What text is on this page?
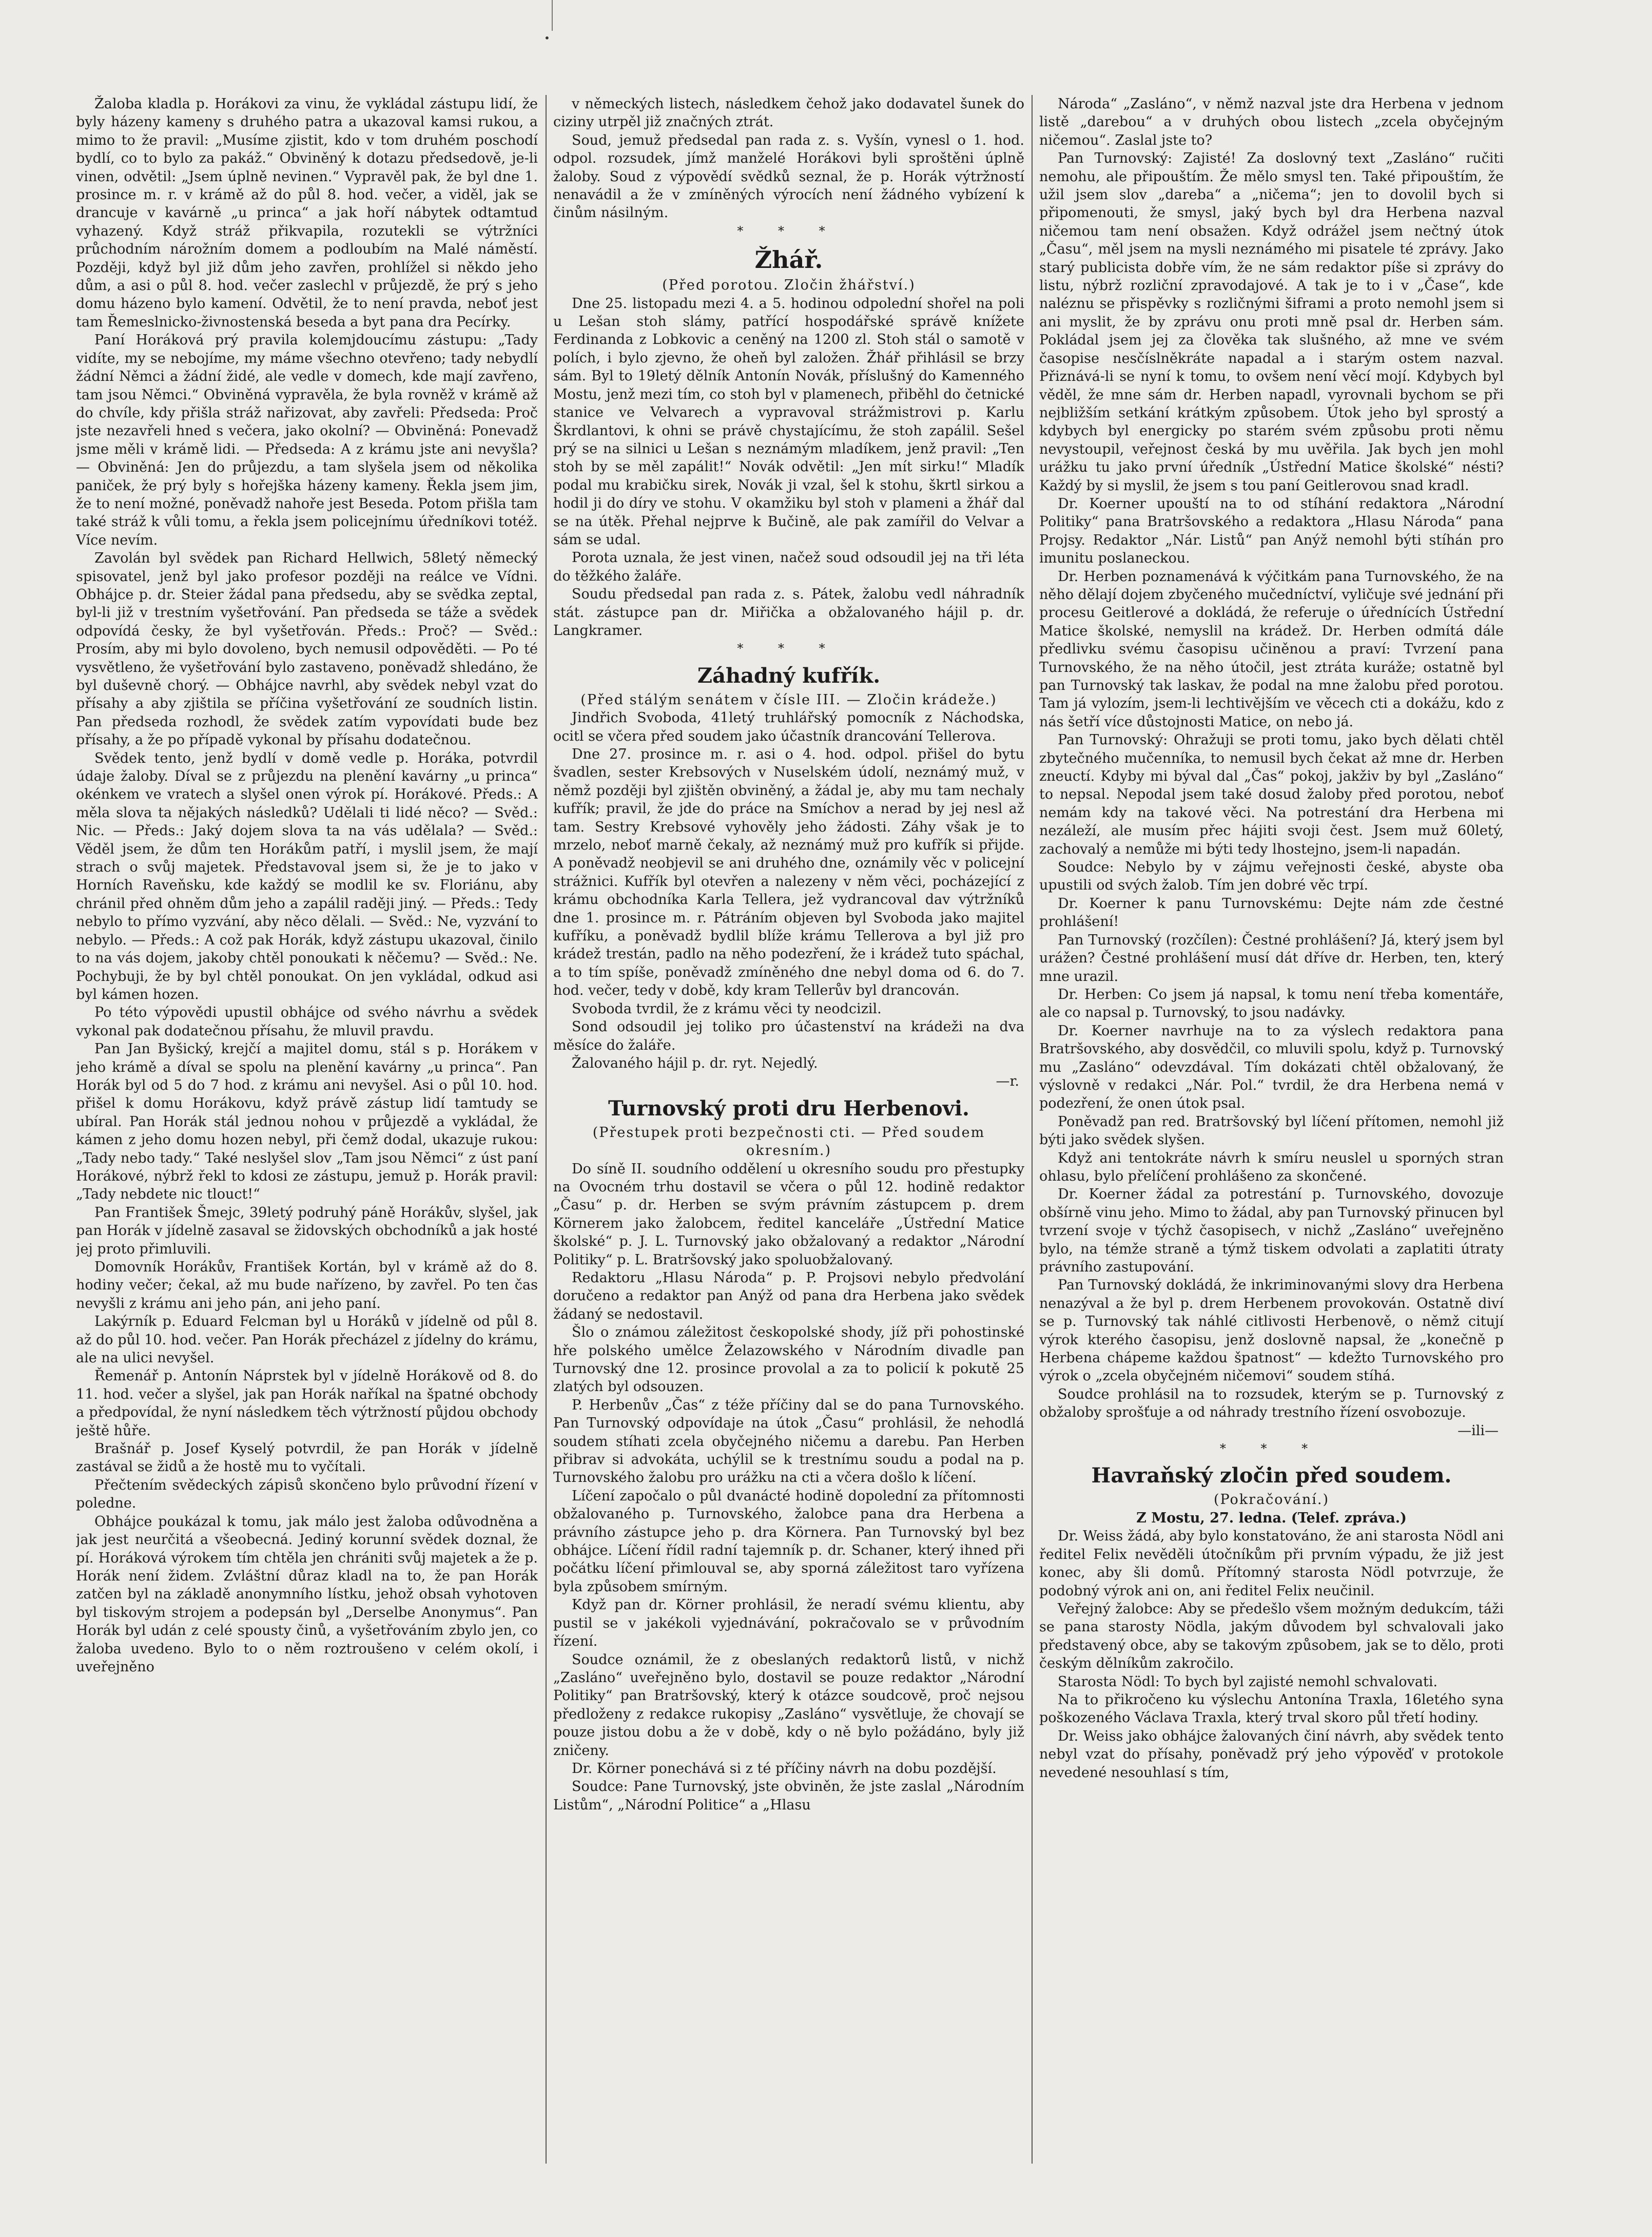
•

Žaloba kladla p. Horákovi za vinu, že vykládal zástupu lidí, že byly házeny kameny s druhého patra a ukazoval kamsi rukou, a mimo to že pravil: „Musíme zjistit, kdo v tom druhém poschodí bydlí, co to bylo za pakáž.“ Obviněný k dotazu předsedově, je-li vinen, odvětil: „Jsem úplně nevinen.“ Vypravěl pak, že byl dne 1. prosince m. r. v krámě až do půl 8. hod. večer, a viděl, jak se drancuje v kavárně „u princa“ a jak hoří nábytek odtamtud vyhazený. Když stráž přikvapila, rozutekli se výtržníci průchodním nárožním domem a podloubím na Malé náměstí. Později, když byl již dům jeho zavřen, prohlížel si někdo jeho dům, a asi o půl 8. hod. večer zaslechl v průjezdě, že prý s jeho domu házeno bylo kamení. Odvětil, že to není pravda, neboť jest tam Řemeslnicko-živnostenská beseda a byt pana dra Pecírky.

Paní Horáková prý pravila kolemjdoucímu zástupu: „Tady vidíte, my se nebojíme, my máme všechno otevřeno; tady nebydlí žádní Němci a žádní židé, ale vedle v domech, kde mají zavřeno, tam jsou Němci.“ Obviněná vypravěla, že byla rovněž v krámě až do chvíle, kdy přišla stráž nařizovat, aby zavřeli: Předseda: Proč jste nezavřeli hned s večera, jako okolní? — Obviněná: Ponevadž jsme měli v krámě lidi. — Předseda: A z krámu jste ani nevyšla? — Obviněná: Jen do průjezdu, a tam slyšela jsem od několika paniček, že prý byly s hořejška házeny kameny. Řekla jsem jim, že to není možné, poněvadž nahoře jest Beseda. Potom přišla tam také stráž k vůli tomu, a řekla jsem policejnímu úředníkovi totéž. Více nevím.

Zavolán byl svědek pan Richard Hellwich, 58letý německý spisovatel, jenž byl jako profesor později na reálce ve Vídni. Obhájce p. dr. Steier žádal pana předsedu, aby se svědka zeptal, byl-li již v trestním vyšetřování. Pan předseda se táže a svědek odpovídá česky, že byl vyšetřován. Předs.: Proč? — Svěd.: Prosím, aby mi bylo dovoleno, bych nemusil odpověděti. — Po té vysvětleno, že vyšetřování bylo zastaveno, poněvadž shledáno, že byl duševně chorý. — Obhájce navrhl, aby svědek nebyl vzat do přísahy a aby zjištila se příčina vyšetřování ze soudních listin. Pan předseda rozhodl, že svědek zatím vypovídati bude bez přísahy, a že po případě vykonal by přísahu dodatečnou.

Svědek tento, jenž bydlí v domě vedle p. Horáka, potvrdil údaje žaloby. Díval se z průjezdu na plenění kavárny „u princa“ okénkem ve vratech a slyšel onen výrok pí. Horákové. Předs.: A měla slova ta nějakých následků? Udělali ti lidé něco? — Svěd.: Nic. — Předs.: Jaký dojem slova ta na vás udělala? — Svěd.: Věděl jsem, že dům ten Horákům patří, i myslil jsem, že mají strach o svůj majetek. Představoval jsem si, že je to jako v Horních Raveňsku, kde každý se modlil ke sv. Floriánu, aby chránil před ohněm dům jeho a zapálil raději jiný. — Předs.: Tedy nebylo to přímo vyzvání, aby něco dělali. — Svěd.: Ne, vyzvání to nebylo. — Předs.: A což pak Horák, když zástupu ukazoval, činilo to na vás dojem, jakoby chtěl ponoukati k něčemu? — Svěd.: Ne. Pochybuji, že by byl chtěl ponoukat. On jen vykládal, odkud asi byl kámen hozen.

Po této výpovědi upustil obhájce od svého návrhu a svědek vykonal pak dodatečnou přísahu, že mluvil pravdu.

Pan Jan Byšický, krejčí a majitel domu, stál s p. Horákem v jeho krámě a díval se spolu na plenění kavárny „u princa“. Pan Horák byl od 5 do 7 hod. z krámu ani nevyšel. Asi o půl 10. hod. přišel k domu Horákovu, když právě zástup lidí tamtudy se ubíral. Pan Horák stál jednou nohou v průjezdě a vykládal, že kámen z jeho domu hozen nebyl, při čemž dodal, ukazuje rukou: „Tady nebo tady.“ Také neslyšel slov „Tam jsou Němci“ z úst paní Horákové, nýbrž řekl to kdosi ze zástupu, jemuž p. Horák pravil: „Tady nebdete nic tlouct!“

Pan František Šmejc, 39letý podruhý páně Horákův, slyšel, jak pan Horák v jídelně zasaval se židovských obchodníků a jak hosté jej proto přimluvili.

Domovník Horákův, František Kortán, byl v krámě až do 8. hodiny večer; čekal, až mu bude nařízeno, by zavřel. Po ten čas nevyšli z krámu ani jeho pán, ani jeho paní.

Lakýrník p. Eduard Felcman byl u Horáků v jídelně od půl 8. až do půl 10. hod. večer. Pan Horák přecházel z jídelny do krámu, ale na ulici nevyšel.

Řemenář p. Antonín Náprstek byl v jídelně Horákově od 8. do 11. hod. večer a slyšel, jak pan Horák naříkal na špatné obchody a předpovídal, že nyní následkem těch výtržností půjdou obchody ještě hůře.

Brašnář p. Josef Kyselý potvrdil, že pan Horák v jídelně zastával se židů a že hostě mu to vyčítali.

Přečtením svědeckých zápisů skončeno bylo průvodní řízení v poledne.

Obhájce poukázal k tomu, jak málo jest žaloba odůvodněna a jak jest neurčitá a všeobecná. Jediný korunní svědek doznal, že pí. Horáková výrokem tím chtěla jen chrániti svůj majetek a že p. Horák není židem. Zvláštní důraz kladl na to, že pan Horák zatčen byl na základě anonymního lístku, jehož obsah vyhotoven byl tiskovým strojem a podepsán byl „Derselbe Anonymus“. Pan Horák byl udán z celé spousty činů, a vyšetřováním zbylo jen, co žaloba uvedeno. Bylo to o něm roztroušeno v celém okolí, i uveřejněno

v německých listech, následkem čehož jako dodavatel šunek do ciziny utrpěl již značných ztrát.

Soud, jemuž předsedal pan rada z. s. Vyšín, vynesl o 1. hod. odpol. rozsudek, jímž manželé Horákovi byli sproštěni úplně žaloby. Soud z výpovědí svědků seznal, že p. Horák výtržností nenavádil a že v zmíněných výrocích není žádného vybízení k činům násilným.

* * *

Žhář.

(Před porotou. Zločin žhářství.)

Dne 25. listopadu mezi 4. a 5. hodinou odpolední shořel na poli u Lešan stoh slámy, patřící hospodářské správě knížete Ferdinanda z Lobkovic a ceněný na 1200 zl. Stoh stál o samotě v polích, i bylo zjevno, že oheň byl založen. Žhář přihlásil se brzy sám. Byl to 19letý dělník Antonín Novák, příslušný do Kamenného Mostu, jenž mezi tím, co stoh byl v plamenech, přiběhl do četnické stanice ve Velvarech a vypravoval strážmistrovi p. Karlu Škrdlantovi, k ohni se právě chystajícímu, že stoh zapálil. Sešel prý se na silnici u Lešan s neznámým mladíkem, jenž pravil: „Ten stoh by se měl zapálit!“ Novák odvětil: „Jen mít sirku!“ Mladík podal mu krabičku sirek, Novák ji vzal, šel k stohu, škrtl sirkou a hodil ji do díry ve stohu. V okamžiku byl stoh v plameni a žhář dal se na útěk. Přehal nejprve k Bučině, ale pak zamířil do Velvar a sám se udal.

Porota uznala, že jest vinen, načež soud odsoudil jej na tři léta do těžkého žaláře.

Soudu předsedal pan rada z. s. Pátek, žalobu vedl náhradník stát. zástupce pan dr. Miřička a obžalovaného hájil p. dr. Langkramer.

* * *

Záhadný kufřík.

(Před stálým senátem v čísle III. — Zločin krádeže.)

Jindřich Svoboda, 41letý truhlářský pomocník z Náchodska, ocitl se včera před soudem jako účastník drancování Tellerova.

Dne 27. prosince m. r. asi o 4. hod. odpol. přišel do bytu švadlen, sester Krebsových v Nuselském údolí, neznámý muž, v němž později byl zjištěn obviněný, a žádal je, aby mu tam nechaly kufřík; pravil, že jde do práce na Smíchov a nerad by jej nesl až tam. Sestry Krebsové vyhověly jeho žádosti. Záhy však je to mrzelo, neboť marně čekaly, až neznámý muž pro kufřík si přijde. A poněvadž neobjevil se ani druhého dne, oznámily věc v policejní strážnici. Kufřík byl otevřen a nalezeny v něm věci, pocházející z krámu obchodníka Karla Tellera, jež vydrancoval dav výtržníků dne 1. prosince m. r. Pátráním objeven byl Svoboda jako majitel kufříku, a poněvadž bydlil blíže krámu Tellerova a byl již pro krádež trestán, padlo na něho podezření, že i krádež tuto spáchal, a to tím spíše, poněvadž zmíněného dne nebyl doma od 6. do 7. hod. večer, tedy v době, kdy kram Tellerův byl drancován.

Svoboda tvrdil, že z krámu věci ty neodcizil.

Sond odsoudil jej toliko pro účastenství na krádeži na dva měsíce do žaláře.

Žalovaného hájil p. dr. ryt. Nejedlý.

—r.

Turnovský proti dru Herbenovi.

(Přestupek proti bezpečnosti cti. — Před soudem okresním.)

Do síně II. soudního oddělení u okresního soudu pro přestupky na Ovocném trhu dostavil se včera o půl 12. hodině redaktor „Času“ p. dr. Herben se svým právním zástupcem p. drem Körnerem jako žalobcem, ředitel kanceláře „Ústřední Matice školské“ p. J. L. Turnovský jako obžalovaný a redaktor „Národní Politiky“ p. L. Bratršovský jako spoluobžalovaný.

Redaktoru „Hlasu Národa“ p. P. Projsovi nebylo předvolání doručeno a redaktor pan Anýž od pana dra Herbena jako svědek žádaný se nedostavil.

Šlo o známou záležitost českopolské shody, jíž při pohostinské hře polského umělce Želazowského v Národním divadle pan Turnovský dne 12. prosince provolal a za to policií k pokutě 25 zlatých byl odsouzen.

P. Herbenův „Čas“ z téže příčiny dal se do pana Turnovského. Pan Turnovský odpovídaje na útok „Času“ prohlásil, že nehodlá soudem stíhati zcela obyčejného ničemu a darebu. Pan Herben přibrav si advokáta, uchýlil se k trestnímu soudu a podal na p. Turnovského žalobu pro urážku na cti a včera došlo k líčení.

Líčení započalo o půl dvanácté hodině dopolední za přítomnosti obžalovaného p. Turnovského, žalobce pana dra Herbena a právního zástupce jeho p. dra Körnera. Pan Turnovský byl bez obhájce. Líčení řídil radní tajemník p. dr. Schaner, který ihned při počátku líčení přimlouval se, aby sporná záležitost taro vyřízena byla způsobem smírným.

Když pan dr. Körner prohlásil, že neradí svému klientu, aby pustil se v jakékoli vyjednávání, pokračovalo se v průvodním řízení.

Soudce oznámil, že z obeslaných redaktorů listů, v nichž „Zasláno“ uveřejněno bylo, dostavil se pouze redaktor „Národní Politiky“ pan Bratršovský, který k otázce soudcově, proč nejsou předloženy z redakce rukopisy „Zasláno“ vysvětluje, že chovají se pouze jistou dobu a že v době, kdy o ně bylo požádáno, byly již zničeny.

Dr. Körner ponechává si z té příčiny návrh na dobu pozdější.

Soudce: Pane Turnovský, jste obviněn, že jste zaslal „Národním Listům“, „Národní Politice“ a „Hlasu

Národa“ „Zasláno“, v němž nazval jste dra Herbena v jednom listě „darebou“ a v druhých obou listech „zcela obyčejným ničemou“. Zaslal jste to?

Pan Turnovský: Zajisté! Za doslovný text „Zasláno“ ručiti nemohu, ale připouštím. Že mělo smysl ten. Také připouštím, že užil jsem slov „dareba“ a „ničema“; jen to dovolil bych si připomenouti, že smysl, jaký bych byl dra Herbena nazval ničemou tam není obsažen. Když odrážel jsem nečtný útok „Času“, měl jsem na mysli neznámého mi pisatele té zprávy. Jako starý publicista dobře vím, že ne sám redaktor píše si zprávy do listu, nýbrž rozliční zpravodajové. A tak je to i v „Čase“, kde naléznu se přispěvky s rozličnými šiframi a proto nemohl jsem si ani myslit, že by zprávu onu proti mně psal dr. Herben sám. Pokládal jsem jej za člověka tak slušného, až mne ve svém časopise nesčíslněkráte napadal a i starým ostem nazval. Přiznává-li se nyní k tomu, to ovšem není věcí mojí. Kdybych byl věděl, že mne sám dr. Herben napadl, vyrovnali bychom se při nejbližším setkání krátkým způsobem. Útok jeho byl sprostý a kdybych byl energicky po starém svém způsobu proti němu nevystoupil, veřejnost česká by mu uvěřila. Jak bych jen mohl urážku tu jako první úředník „Ústřední Matice školské“ nésti? Každý by si myslil, že jsem s tou paní Geitlerovou snad kradl.

Dr. Koerner upouští na to od stíhání redaktora „Národní Politiky“ pana Bratršovského a redaktora „Hlasu Národa“ pana Projsy. Redaktor „Nár. Listů“ pan Anýž nemohl býti stíhán pro imunitu poslaneckou.

Dr. Herben poznamenává k výčitkám pana Turnovského, že na něho dělají dojem zbyčeného mučedníctví, vyličuje své jednání při procesu Geitlerové a dokládá, že referuje o úřednících Ústřední Matice školské, nemyslil na krádež. Dr. Herben odmítá dále předlivku svému časopisu učiněnou a praví: Tvrzení pana Turnovského, že na něho útočil, jest ztráta kuráže; ostatně byl pan Turnovský tak laskav, že podal na mne žalobu před porotou. Tam já vylozím, jsem-li lechtivějším ve věcech cti a dokážu, kdo z nás šetří více důstojnosti Matice, on nebo já.

Pan Turnovský: Ohražuji se proti tomu, jako bych dělati chtěl zbytečného mučenníka, to nemusil bych čekat až mne dr. Herben zneuctí. Kdyby mi býval dal „Čas“ pokoj, jakživ by byl „Zasláno“ to nepsal. Nepodal jsem také dosud žaloby před porotou, neboť nemám kdy na takové věci. Na potrestání dra Herbena mi nezáleží, ale musím přec hájiti svoji čest. Jsem muž 60letý, zachovalý a nemůže mi býti tedy lhostejno, jsem-li napadán.

Soudce: Nebylo by v zájmu veřejnosti české, abyste oba upustili od svých žalob. Tím jen dobré věc trpí.

Dr. Koerner k panu Turnovskému: Dejte nám zde čestné prohlášení!

Pan Turnovský (rozčílen): Čestné prohlášení? Já, který jsem byl urážen? Čestné prohlášení musí dát dříve dr. Herben, ten, který mne urazil.

Dr. Herben: Co jsem já napsal, k tomu není třeba komentáře, ale co napsal p. Turnovský, to jsou nadávky.

Dr. Koerner navrhuje na to za výslech redaktora pana Bratršovského, aby dosvědčil, co mluvili spolu, když p. Turnovský mu „Zasláno“ odevzdával. Tím dokázati chtěl obžalovaný, že výslovně v redakci „Nár. Pol.“ tvrdil, že dra Herbena nemá v podezření, že onen útok psal.

Poněvadž pan red. Bratršovský byl líčení přítomen, nemohl již býti jako svědek slyšen.

Když ani tentokráte návrh k smíru neuslel u sporných stran ohlasu, bylo přelíčení prohlášeno za skončené.

Dr. Koerner žádal za potrestání p. Turnovského, dovozuje obšírně vinu jeho. Mimo to žádal, aby pan Turnovský přinucen byl tvrzení svoje v týchž časopisech, v nichž „Zasláno“ uveřejněno bylo, na témže straně a týmž tiskem odvolati a zaplatiti útraty právního zastupování.

Pan Turnovský dokládá, že inkriminovanými slovy dra Herbena nenazýval a že byl p. drem Herbenem provokován. Ostatně diví se p. Turnovský tak náhlé citlivosti Herbenově, o němž citují výrok kterého časopisu, jenž doslovně napsal, že „konečně p Herbena chápeme každou špatnost“ — kdežto Turnovského pro výrok o „zcela obyčejném ničemovi“ soudem stíhá.

Soudce prohlásil na to rozsudek, kterým se p. Turnovský z obžaloby sprošťuje a od náhrady trestního řízení osvobozuje.

—ili—

* * *

Havraňský zločin před soudem.

(Pokračování.)

Z Mostu, 27. ledna. (Telef. zpráva.)

Dr. Weiss žádá, aby bylo konstatováno, že ani starosta Nödl ani ředitel Felix nevěděli útočníkům při prvním výpadu, že již jest konec, aby šli domů. Přítomný starosta Nödl potvrzuje, že podobný výrok ani on, ani ředitel Felix neučinil.

Veřejný žalobce: Aby se předešlo všem možným dedukcím, táži se pana starosty Nödla, jakým důvodem byl schvalovali jako představený obce, aby se takovým způsobem, jak se to dělo, proti českým dělníkům zakročilo.

Starosta Nödl: To bych byl zajisté nemohl schvalovati.

Na to přikročeno ku výslechu Antonína Traxla, 16letého syna poškozeného Václava Traxla, který trval skoro půl třetí hodiny.

Dr. Weiss jako obhájce žalovaných činí návrh, aby svědek tento nebyl vzat do přísahy, poněvadž prý jeho výpověď v protokole nevedené nesouhlasí s tím,
